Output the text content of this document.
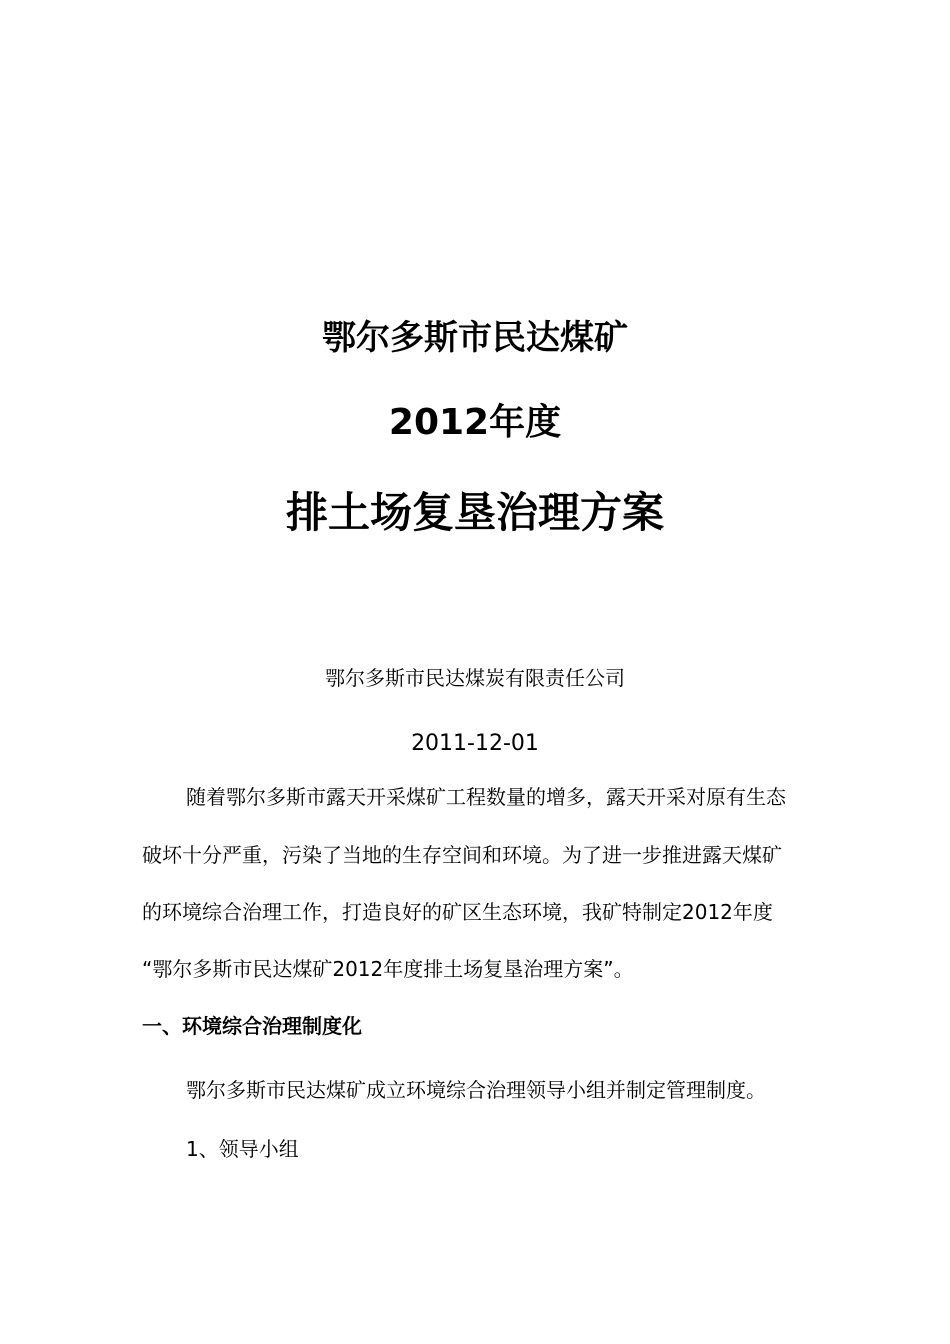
鄂尔多斯市民达煤矿
2012年度
排土场复垦治理方案
鄂尔多斯市民达煤炭有限责任公司
2011-12-01
随着鄂尔多斯市露天开采煤矿工程数量的增多，露天开采对原有生态
破坏十分严重，污染了当地的生存空间和环境。为了进一步推进露天煤矿
的环境综合治理工作，打造良好的矿区生态环境，我矿特制定2012年度
“鄂尔多斯市民达煤矿2012年度排土场复垦治理方案”。
一、环境综合治理制度化
鄂尔多斯市民达煤矿成立环境综合治理领导小组并制定管理制度。
1、领导小组
